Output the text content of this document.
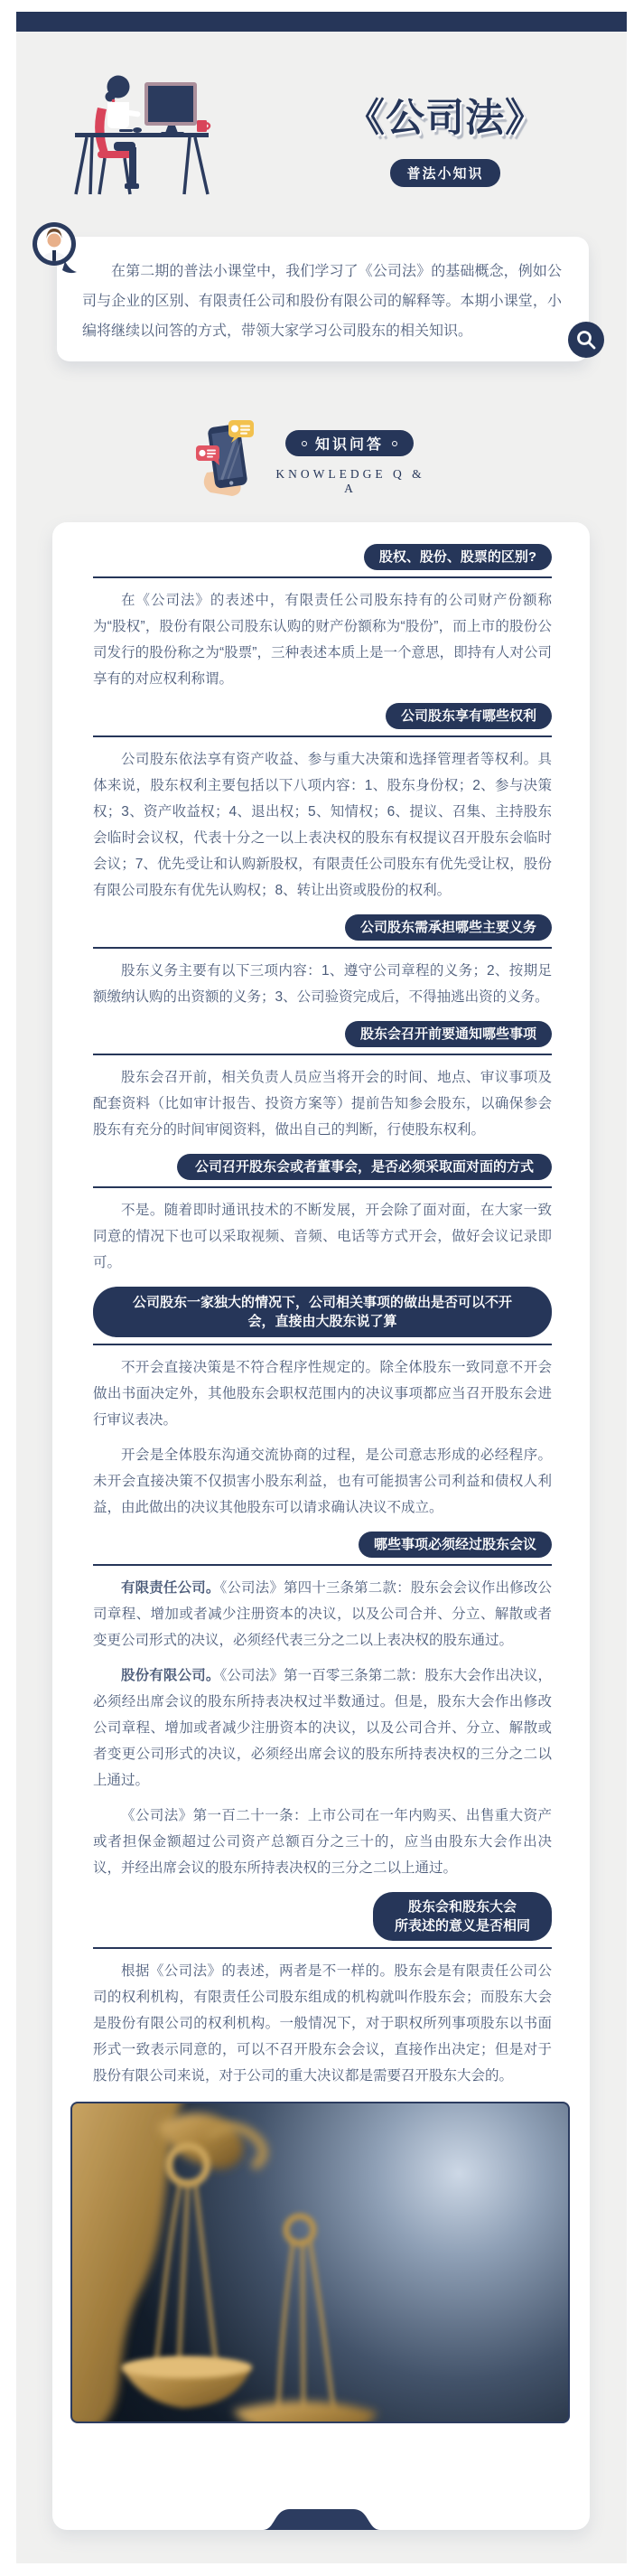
《公司法》
普法小知识

在第二期的普法小课堂中，我们学习了《公司法》的基础概念，例如公司与企业的区别、有限责任公司和股份有限公司的解释等。本期小课堂，小编将继续以问答的方式，带领大家学习公司股东的相关知识。

知识问答
KNOWLEDGE Q & A
股权、股份、股票的区别?

在《公司法》的表述中，有限责任公司股东持有的公司财产份额称为“股权”，股份有限公司股东认购的财产份额称为“股份”，而上市的股份公司发行的股份称之为“股票”，三种表述本质上是一个意思，即持有人对公司享有的对应权利称谓。

公司股东享有哪些权利

公司股东依法享有资产收益、参与重大决策和选择管理者等权利。具体来说，股东权利主要包括以下八项内容：1、股东身份权；2、参与决策权；3、资产收益权；4、退出权；5、知情权；6、提议、召集、主持股东会临时会议权，代表十分之一以上表决权的股东有权提议召开股东会临时会议；7、优先受让和认购新股权，有限责任公司股东有优先受让权，股份有限公司股东有优先认购权；8、转让出资或股份的权利。

公司股东需承担哪些主要义务

股东义务主要有以下三项内容：1、遵守公司章程的义务；2、按期足额缴纳认购的出资额的义务；3、公司验资完成后，不得抽逃出资的义务。

股东会召开前要通知哪些事项

股东会召开前，相关负责人员应当将开会的时间、地点、审议事项及配套资料（比如审计报告、投资方案等）提前告知参会股东，以确保参会股东有充分的时间审阅资料，做出自己的判断，行使股东权利。

公司召开股东会或者董事会，是否必须采取面对面的方式

不是。随着即时通讯技术的不断发展，开会除了面对面，在大家一致同意的情况下也可以采取视频、音频、电话等方式开会，做好会议记录即可。

公司股东一家独大的情况下，公司相关事项的做出是否可以不开会，直接由大股东说了算

不开会直接决策是不符合程序性规定的。除全体股东一致同意不开会做出书面决定外，其他股东会职权范围内的决议事项都应当召开股东会进行审议表决。

开会是全体股东沟通交流协商的过程，是公司意志形成的必经程序。未开会直接决策不仅损害小股东利益，也有可能损害公司利益和债权人利益，由此做出的决议其他股东可以请求确认决议不成立。

哪些事项必须经过股东会议

有限责任公司。《公司法》第四十三条第二款：股东会会议作出修改公司章程、增加或者减少注册资本的决议，以及公司合并、分立、解散或者变更公司形式的决议，必须经代表三分之二以上表决权的股东通过。

股份有限公司。《公司法》第一百零三条第二款：股东大会作出决议，必须经出席会议的股东所持表决权过半数通过。但是，股东大会作出修改公司章程、增加或者减少注册资本的决议，以及公司合并、分立、解散或者变更公司形式的决议，必须经出席会议的股东所持表决权的三分之二以上通过。

《公司法》第一百二十一条：上市公司在一年内购买、出售重大资产或者担保金额超过公司资产总额百分之三十的，应当由股东大会作出决议，并经出席会议的股东所持表决权的三分之二以上通过。

股东会和股东大会
所表述的意义是否相同

根据《公司法》的表述，两者是不一样的。股东会是有限责任公司公司的权利机构，有限责任公司股东组成的机构就叫作股东会；而股东大会是股份有限公司的权利机构。一般情况下，对于职权所列事项股东以书面形式一致表示同意的，可以不召开股东会会议，直接作出决定；但是对于股份有限公司来说，对于公司的重大决议都是需要召开股东大会的。
